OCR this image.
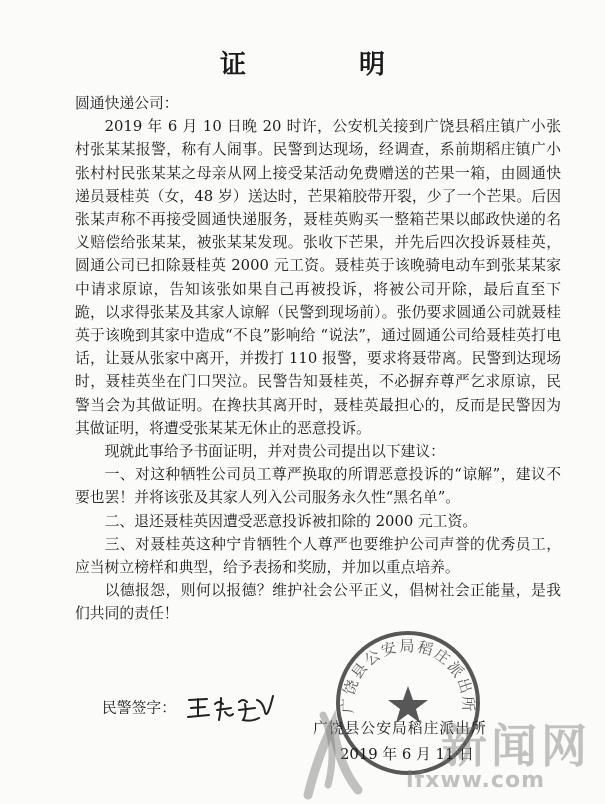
证 明

圆通快递公司：

2019 年 6 月 10 日晚 20 时许，公安机关接到广饶县稻庄镇广小张村张某某报警，称有人闹事。民警到达现场，经调查，系前期稻庄镇广小张村村民张某某之母亲从网上接受某活动免费赠送的芒果一箱，由圆通快递员聂桂英（女，48 岁）送达时，芒果箱胶带开裂，少了一个芒果。后因张某声称不再接受圆通快递服务，聂桂英购买一整箱芒果以邮政快递的名义赔偿给张某某，被张某某发现。张收下芒果，并先后四次投诉聂桂英，圆通公司已扣除聂桂英 2000 元工资。聂桂英于该晚骑电动车到张某某家中请求原谅，告知该张如果自己再被投诉，将被公司开除，最后直至下跪，以求得张某及其家人谅解（民警到现场前）。张仍要求圆通公司就聂桂英于该晚到其家中造成“不良”影响给 “说法”，通过圆通公司给聂桂英打电话，让聂从张家中离开，并拨打 110 报警，要求将聂带离。民警到达现场时，聂桂英坐在门口哭泣。民警告知聂桂英，不必摒弃尊严乞求原谅，民警当会为其做证明。在搀扶其离开时，聂桂英最担心的，反而是民警因为其做证明，将遭受张某某无休止的恶意投诉。

现就此事给予书面证明，并对贵公司提出以下建议：

一、对这种牺牲公司员工尊严换取的所谓恶意投诉的“谅解”，建议不要也罢！并将该张及其家人列入公司服务永久性“黑名单”。

二、退还聂桂英因遭受恶意投诉被扣除的 2000 元工资。

三、对聂桂英这种宁肯牺牲个人尊严也要维护公司声誉的优秀员工，应当树立榜样和典型，给予表扬和奖励，并加以重点培养。

以德报怨，则何以报德？维护社会公平正义，倡树社会正能量，是我们共同的责任！

广饶县公安局稻庄派出所
民警签字：
广饶县公安局稻庄派出所
2019 年 6 月 11 日
新闻网
lfxww.com
